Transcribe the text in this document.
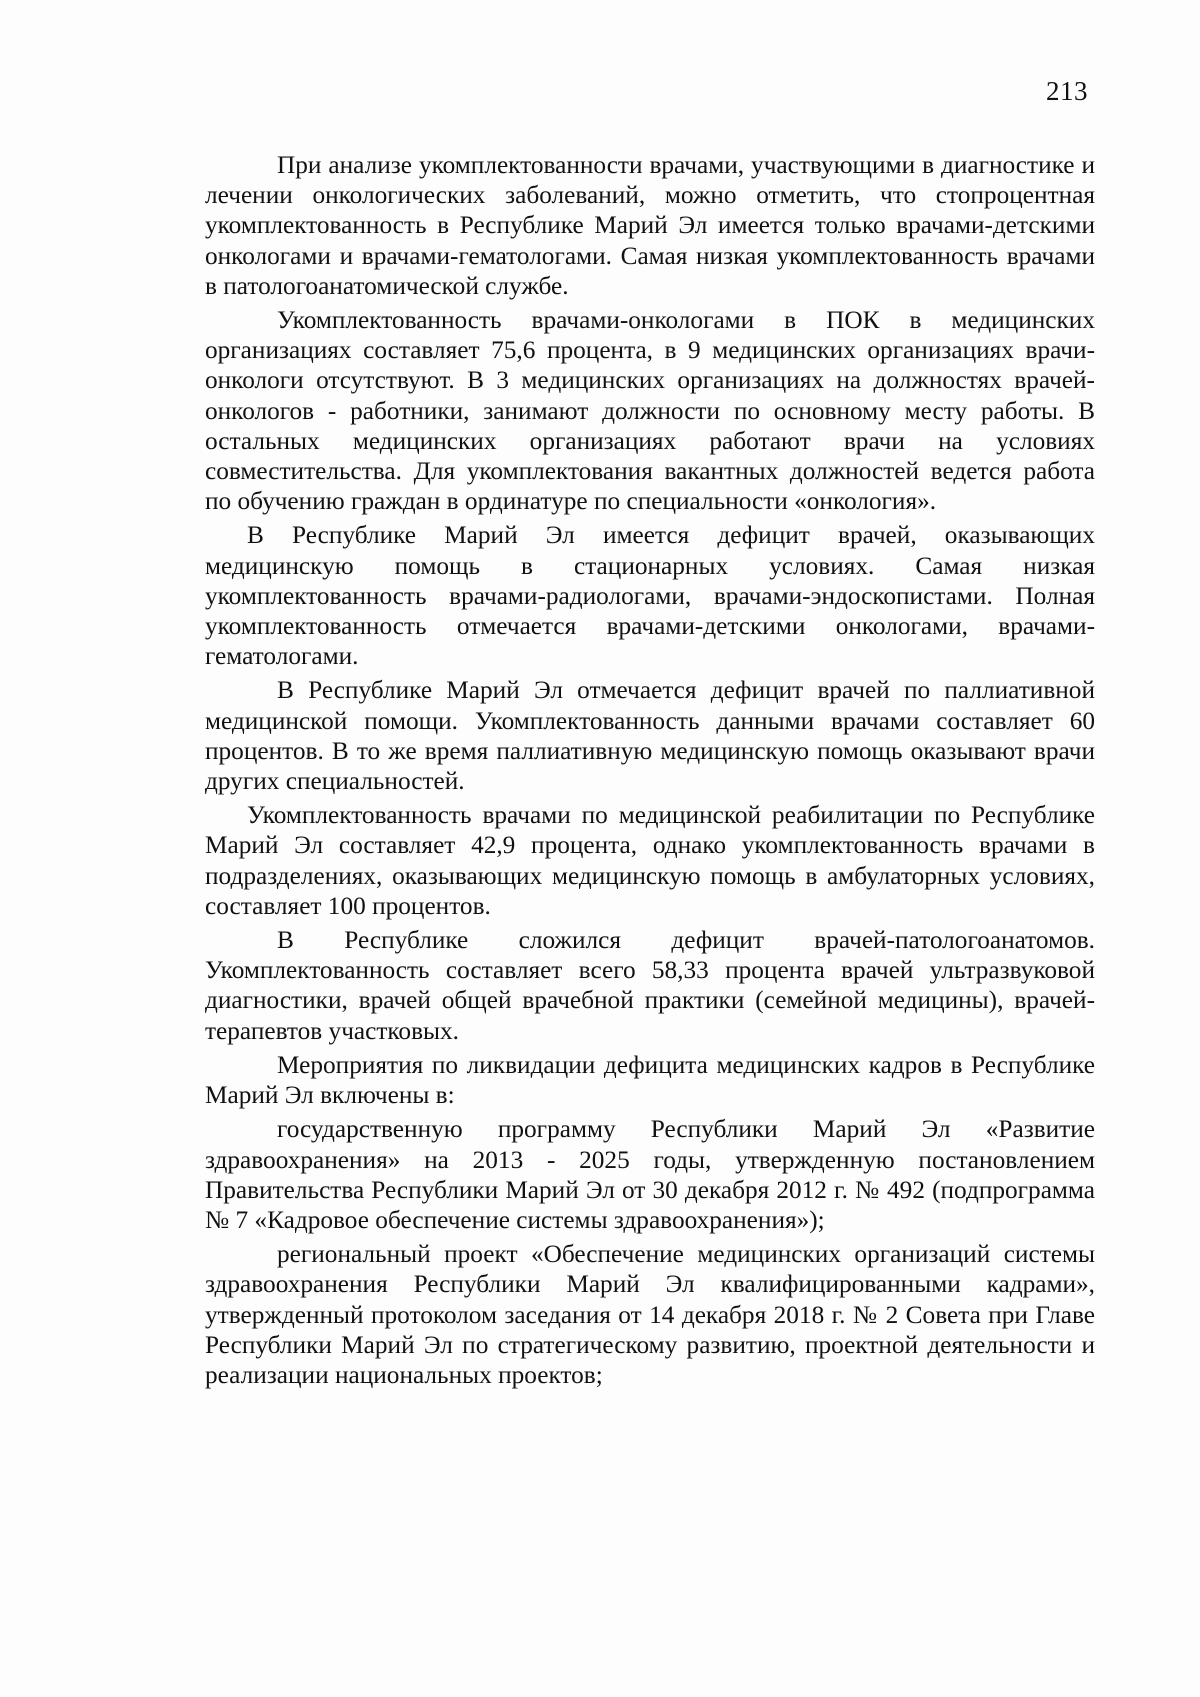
213

При анализе укомплектованности врачами, участвующими в диагностике и лечении онкологических заболеваний, можно отметить, что стопроцентная укомплектованность в Республике Марий Эл имеется только врачами-детскими онкологами и врачами-гематологами. Самая низкая укомплектованность врачами в патологоанатомической службе.

Укомплектованность врачами-онкологами в ПОК в медицинских организациях составляет 75,6 процента, в 9 медицинских организациях врачи-онкологи отсутствуют. В 3 медицинских организациях на должностях врачей-онкологов - работники, занимают должности по основному месту работы. В остальных медицинских организациях работают врачи на условиях совместительства. Для укомплектования вакантных должностей ведется работа по обучению граждан в ординатуре по специальности «онкология».

В Республике Марий Эл имеется дефицит врачей, оказывающих медицинскую помощь в стационарных условиях. Самая низкая укомплектованность врачами-радиологами, врачами-эндоскопистами. Полная укомплектованность отмечается врачами-детскими онкологами, врачами-гематологами.

В Республике Марий Эл отмечается дефицит врачей по паллиативной медицинской помощи. Укомплектованность данными врачами составляет 60 процентов. В то же время паллиативную медицинскую помощь оказывают врачи других специальностей.

Укомплектованность врачами по медицинской реабилитации по Республике Марий Эл составляет 42,9 процента, однако укомплектованность врачами в подразделениях, оказывающих медицинскую помощь в амбулаторных условиях, составляет 100 процентов.

В Республике сложился дефицит врачей-патологоанатомов. Укомплектованность составляет всего 58,33 процента врачей ультразвуковой диагностики, врачей общей врачебной практики (семейной медицины), врачей-терапевтов участковых.

Мероприятия по ликвидации дефицита медицинских кадров в Республике Марий Эл включены в:

государственную программу Республики Марий Эл «Развитие здравоохранения» на 2013 - 2025 годы, утвержденную постановлением Правительства Республики Марий Эл от 30 декабря 2012 г. № 492 (подпрограмма № 7 «Кадровое обеспечение системы здравоохранения»);

региональный проект «Обеспечение медицинских организаций системы здравоохранения Республики Марий Эл квалифицированными кадрами», утвержденный протоколом заседания от 14 декабря 2018 г. № 2 Совета при Главе Республики Марий Эл по стратегическому развитию, проектной деятельности и реализации национальных проектов;
